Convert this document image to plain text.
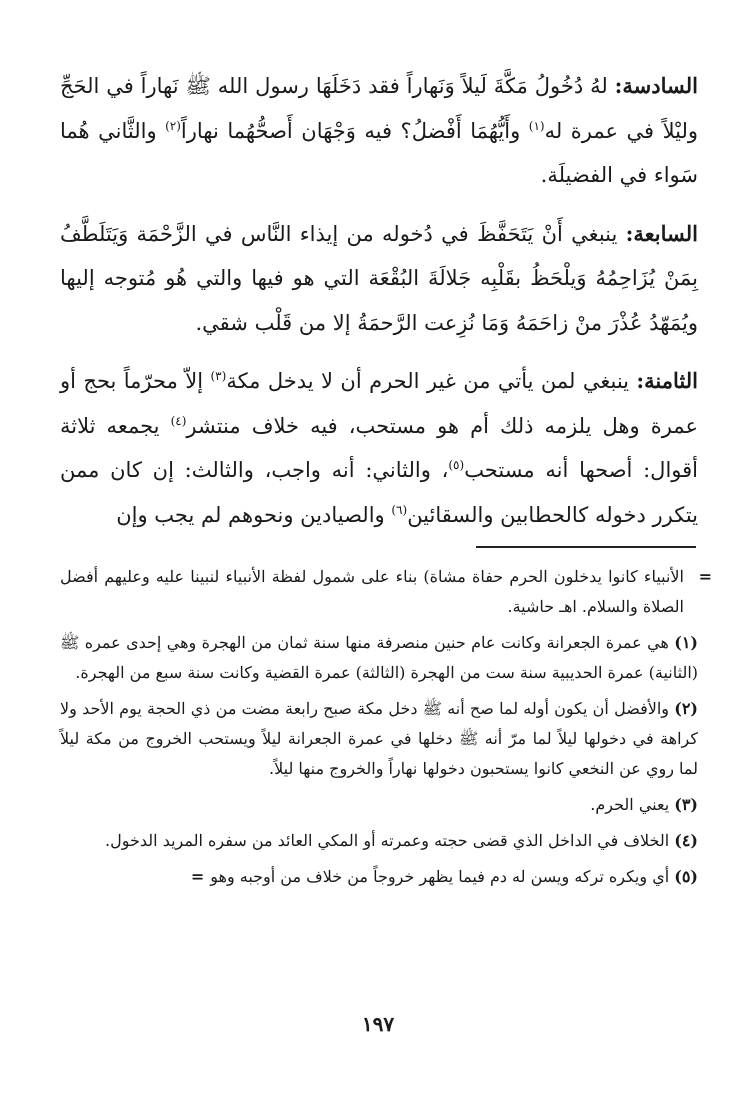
السادسة: لهُ دُخُولُ مَكَّةَ لَيلاً وَنَهاراً فقد دَخَلَهَا رسول الله ﷺ نَهاراً في الحَجِّ وليْلاً في عمرة له$^{(١)}$ وأَيُّهُمَا أَفْضلُ؟ فيه وَجْهَان أَصحُّهُما نهاراً$^{(٢)}$ والثَّاني هُما سَواء في الفضيلَة.

السابعة: ينبغي أَنْ يَتَحَفَّظَ في دُخوله من إيذاء النَّاس في الزَّحْمَة وَيَتَلَطَّفُ بِمَنْ يُزَاحِمُهُ وَيلْحَظُ بقَلْبِه جَلالَةَ البُقْعَة التي هو فيها والتي هُو مُتوجه إليها ويُمَهّدُ عُذْرَ منْ زاحَمَهُ وَمَا نُزِعت الرَّحمَةُ إلا من قَلْب شقي.

الثامنة: ينبغي لمن يأتي من غير الحرم أن لا يدخل مكة$^{(٣)}$ إلاّ محرّماً بحج أو عمرة وهل يلزمه ذلك أم هو مستحب، فيه خلاف منتشر$^{(٤)}$ يجمعه ثلاثة أقوال: أصحها أنه مستحب$^{(٥)}$، والثاني: أنه واجب، والثالث: إن كان ممن يتكرر دخوله كالحطابين والسقائين$^{(٦)}$ والصيادين ونحوهم لم يجب وإن

=
الأنبياء كانوا يدخلون الحرم حفاة مشاة) بناء على شمول لفظة الأنبياء لنبينا عليه وعليهم أفضل الصلاة والسلام. اهـ حاشية.

(١) هي عمرة الجعرانة وكانت عام حنين منصرفة منها سنة ثمان من الهجرة وهي إحدى عمره ﷺ (الثانية) عمرة الحديبية سنة ست من الهجرة (الثالثة) عمرة القضية وكانت سنة سبع من الهجرة.

(٢) والأفضل أن يكون أوله لما صح أنه ﷺ دخل مكة صبح رابعة مضت من ذي الحجة يوم الأحد ولا كراهة في دخولها ليلاً لما مرّ أنه ﷺ دخلها في عمرة الجعرانة ليلاً ويستحب الخروج من مكة ليلاً لما روي عن النخعي كانوا يستحبون دخولها نهاراً والخروج منها ليلاً.

(٣) يعني الحرم.

(٤) الخلاف في الداخل الذي قضى حجته وعمرته أو المكي العائد من سفره المريد الدخول.

(٥) أي ويكره تركه ويسن له دم فيما يظهر خروجاً من خلاف من أوجبه وهو=

١٩٧
